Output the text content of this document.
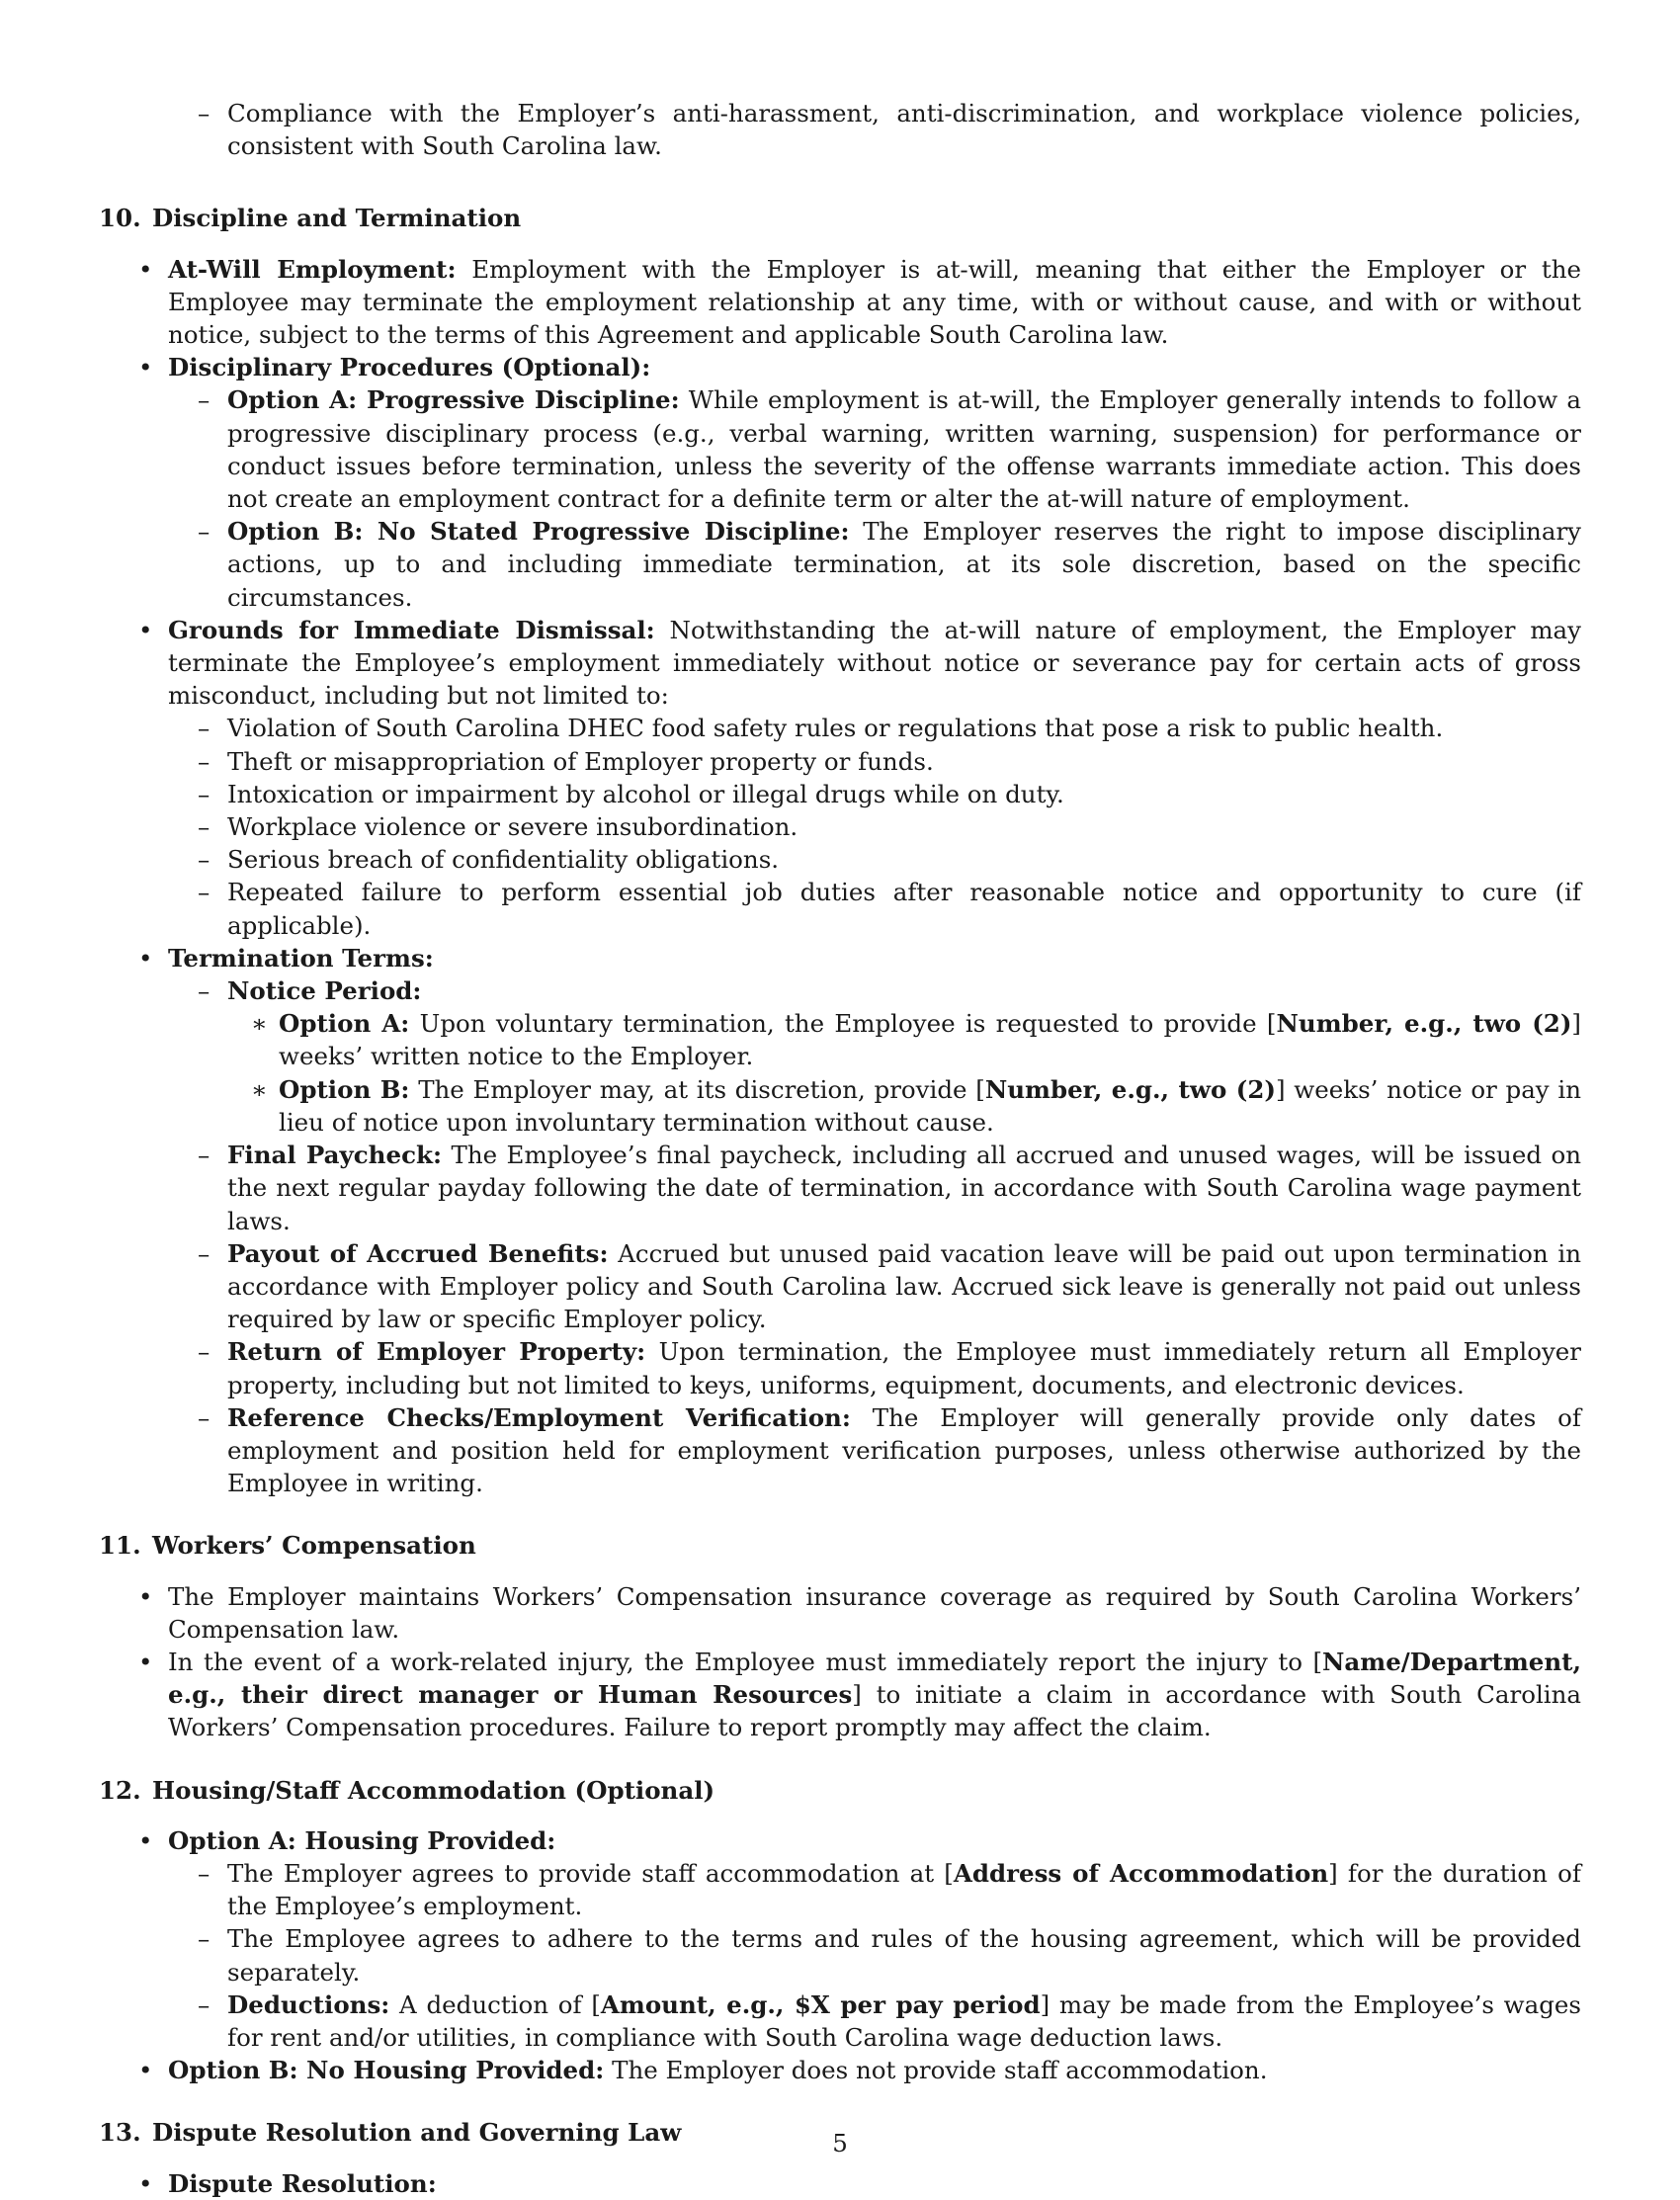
– Compliance with the Employer’s anti-harassment, anti-discrimination, and workplace violence policies, consistent with South Carolina law.
10. Discipline and Termination
• At-Will Employment: Employment with the Employer is at-will, meaning that either the Employer or the Employee may terminate the employment relationship at any time, with or without cause, and with or without notice, subject to the terms of this Agreement and applicable South Carolina law.
• Disciplinary Procedures (Optional):
– Option A: Progressive Discipline: While employment is at-will, the Employer generally intends to follow a progressive disciplinary process (e.g., verbal warning, written warning, suspension) for performance or conduct issues before termination, unless the severity of the offense warrants immediate action. This does not create an employment contract for a definite term or alter the at-will nature of employment.
– Option B: No Stated Progressive Discipline: The Employer reserves the right to impose disciplinary actions, up to and including immediate termination, at its sole discretion, based on the specific circumstances.
• Grounds for Immediate Dismissal: Notwithstanding the at-will nature of employment, the Employer may terminate the Employee’s employment immediately without notice or severance pay for certain acts of gross misconduct, including but not limited to:
– Violation of South Carolina DHEC food safety rules or regulations that pose a risk to public health.
– Theft or misappropriation of Employer property or funds.
– Intoxication or impairment by alcohol or illegal drugs while on duty.
– Workplace violence or severe insubordination.
– Serious breach of confidentiality obligations.
– Repeated failure to perform essential job duties after reasonable notice and opportunity to cure (if applicable).
• Termination Terms:
– Notice Period:
∗ Option A: Upon voluntary termination, the Employee is requested to provide [Number, e.g., two (2)] weeks’ written notice to the Employer.
∗ Option B: The Employer may, at its discretion, provide [Number, e.g., two (2)] weeks’ notice or pay in lieu of notice upon involuntary termination without cause.
– Final Paycheck: The Employee’s final paycheck, including all accrued and unused wages, will be issued on the next regular payday following the date of termination, in accordance with South Carolina wage payment laws.
– Payout of Accrued Benefits: Accrued but unused paid vacation leave will be paid out upon termination in accordance with Employer policy and South Carolina law. Accrued sick leave is generally not paid out unless required by law or specific Employer policy.
– Return of Employer Property: Upon termination, the Employee must immediately return all Employer property, including but not limited to keys, uniforms, equipment, documents, and electronic devices.
– Reference Checks/Employment Verification: The Employer will generally provide only dates of employment and position held for employment verification purposes, unless otherwise authorized by the Employee in writing.
11. Workers’ Compensation
• The Employer maintains Workers’ Compensation insurance coverage as required by South Carolina Workers’ Compensation law.
• In the event of a work-related injury, the Employee must immediately report the injury to [Name/Department, e.g., their direct manager or Human Resources] to initiate a claim in accordance with South Carolina Workers’ Compensation procedures. Failure to report promptly may affect the claim.
12. Housing/Staff Accommodation (Optional)
• Option A: Housing Provided:
– The Employer agrees to provide staff accommodation at [Address of Accommodation] for the duration of the Employee’s employment.
– The Employee agrees to adhere to the terms and rules of the housing agreement, which will be provided separately.
– Deductions: A deduction of [Amount, e.g., $X per pay period] may be made from the Employee’s wages for rent and/or utilities, in compliance with South Carolina wage deduction laws.
• Option B: No Housing Provided: The Employer does not provide staff accommodation.
13. Dispute Resolution and Governing Law
• Dispute Resolution:
5
